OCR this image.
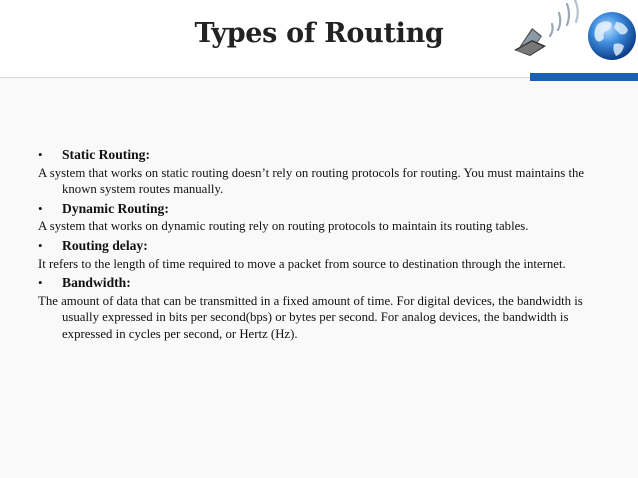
Types of Routing
•	Static Routing:
A system that works on static routing doesn’t rely on routing protocols for routing. You must maintains the known system routes manually.
•	Dynamic Routing:
A system that works on dynamic routing rely on routing protocols to maintain its routing tables.
•	Routing delay:
It refers to the length of time required to move a packet from source to destination through the internet.
•	Bandwidth:
The amount of data that can be transmitted in a fixed amount of time. For digital devices, the bandwidth is usually expressed in bits per second(bps) or bytes per second. For analog devices, the bandwidth is expressed in cycles per second, or Hertz (Hz).
